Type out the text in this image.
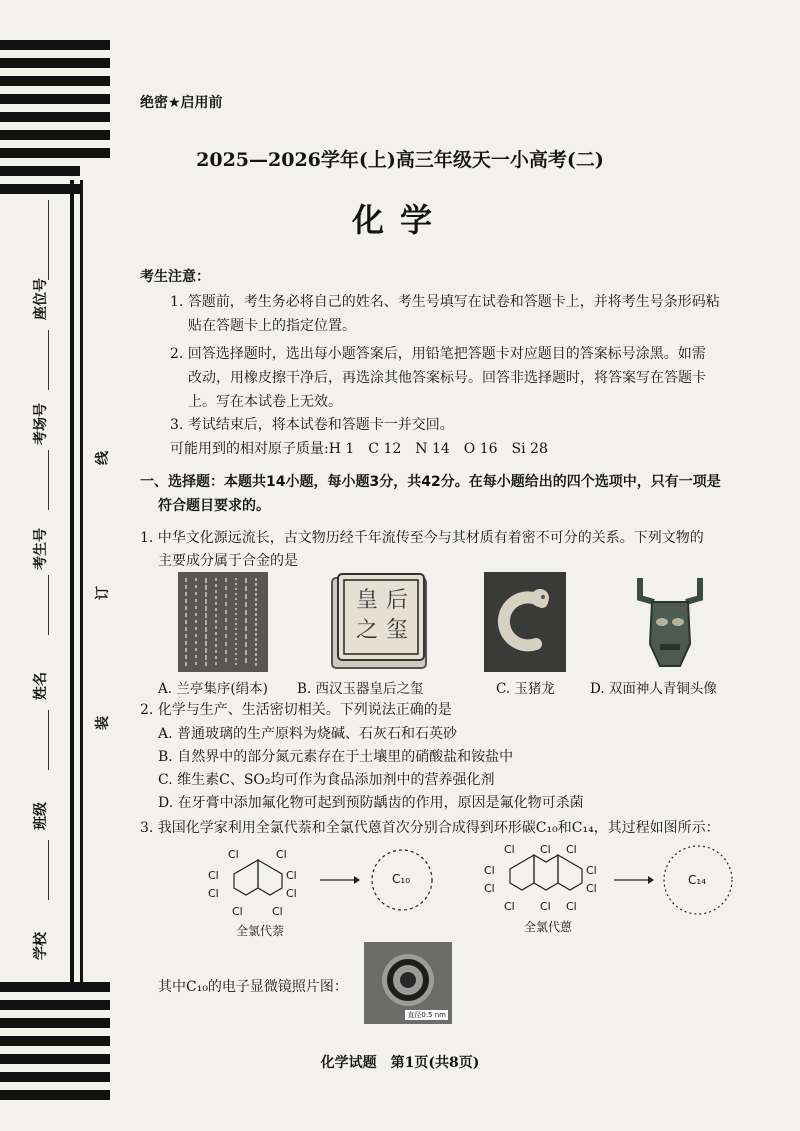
座位号
考场号
考生号
姓名
班级
学校
线
订
装
绝密★启用前
2025—2026学年(上)高三年级天一小高考(二)
化学
考生注意：
1. 答题前，考生务必将自己的姓名、考生号填写在试卷和答题卡上，并将考生号条形码粘
贴在答题卡上的指定位置。
2. 回答选择题时，选出每小题答案后，用铅笔把答题卡对应题目的答案标号涂黑。如需
改动，用橡皮擦干净后，再选涂其他答案标号。回答非选择题时，将答案写在答题卡
上。写在本试卷上无效。
3. 考试结束后，将本试卷和答题卡一并交回。
可能用到的相对原子质量:H 1　C 12　N 14　O 16　Si 28
一、选择题：本题共14小题，每小题3分，共42分。在每小题给出的四个选项中，只有一项是
符合题目要求的。
1. 中华文化源远流长，古文物历经千年流传至今与其材质有着密不可分的关系。下列文物的
主要成分属于合金的是
皇 后
之 玺
A. 兰亭集序(绢本) B. 西汉玉器皇后之玺	C. 玉猪龙	D. 双面神人青铜头像
2. 化学与生产、生活密切相关。下列说法正确的是
A. 普通玻璃的生产原料为烧碱、石灰石和石英砂
B. 自然界中的部分氮元素存在于土壤里的硝酸盐和铵盐中
C. 维生素C、SO₂均可作为食品添加剂中的营养强化剂
D. 在牙膏中添加氟化物可起到预防龋齿的作用，原因是氟化物可杀菌
3. 我国化学家利用全氯代萘和全氯代蒽首次分别合成得到环形碳C₁₀和C₁₄，其过程如图所示：
Cl	Cl
Cl	Cl
Cl	Cl
Cl	Cl
全氯代萘
C₁₀
Cl Cl Cl
Cl	Cl
Cl	Cl
Cl Cl Cl
全氯代蒽
C₁₄
其中C₁₀的电子显微镜照片图：
直径0.5 nm
化学试题　第1页(共8页)
